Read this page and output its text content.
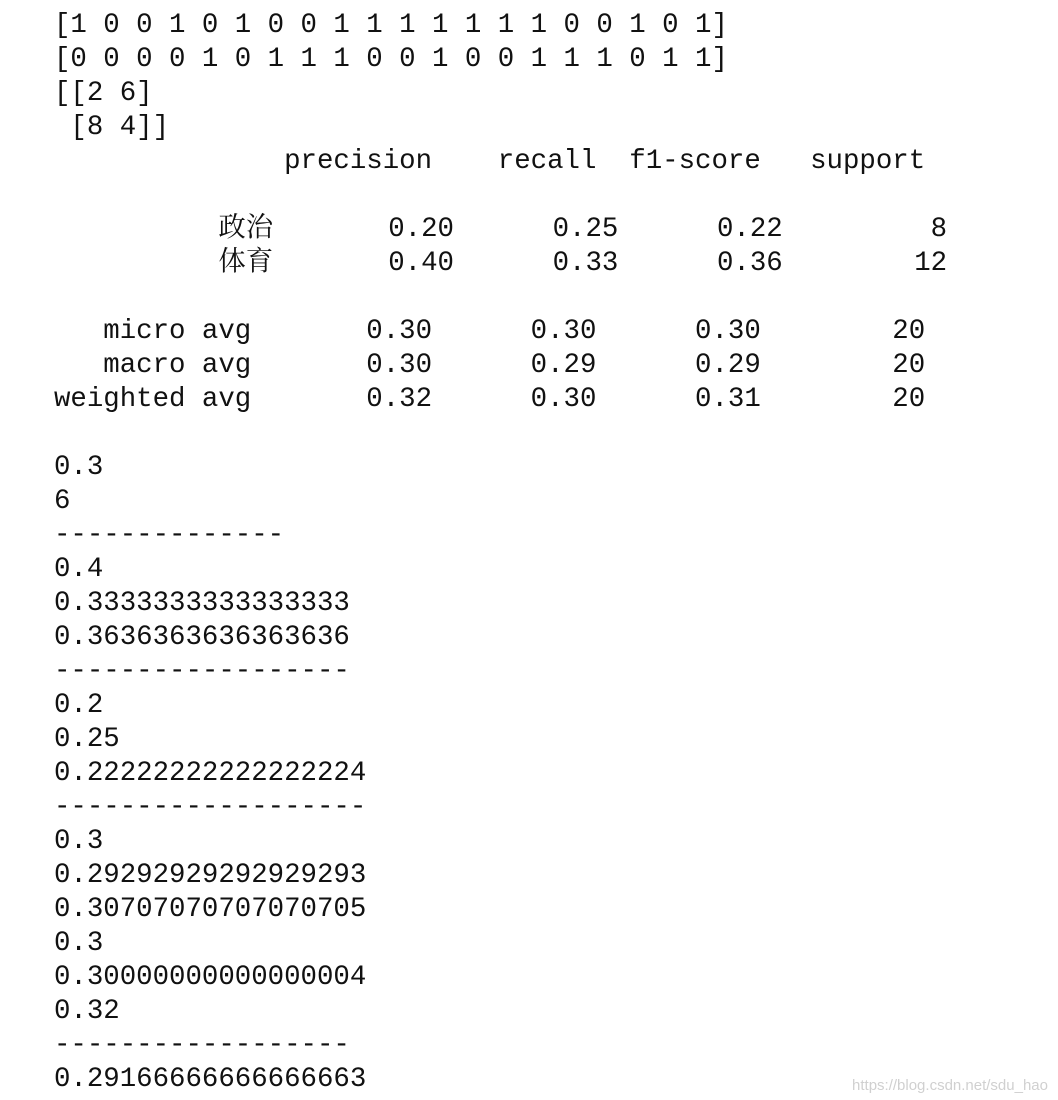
[1 0 0 1 0 1 0 0 1 1 1 1 1 1 1 0 0 1 0 1]
[0 0 0 0 1 0 1 1 1 0 0 1 0 0 1 1 1 0 1 1]
[[2 6]
[8 4]]
precision    recall  f1-score   support
政治       0.20      0.25      0.22         8
体育       0.40      0.33      0.36        12
micro avg       0.30      0.30      0.30        20
macro avg       0.30      0.29      0.29        20
weighted avg       0.32      0.30      0.31        20
0.3
6
--------------
0.4
0.3333333333333333
0.3636363636363636
------------------
0.2
0.25
0.22222222222222224
-------------------
0.3
0.29292929292929293
0.30707070707070705
0.3
0.30000000000000004
0.32
------------------
0.29166666666666663	https://blog.csdn.net/sdu_hao
